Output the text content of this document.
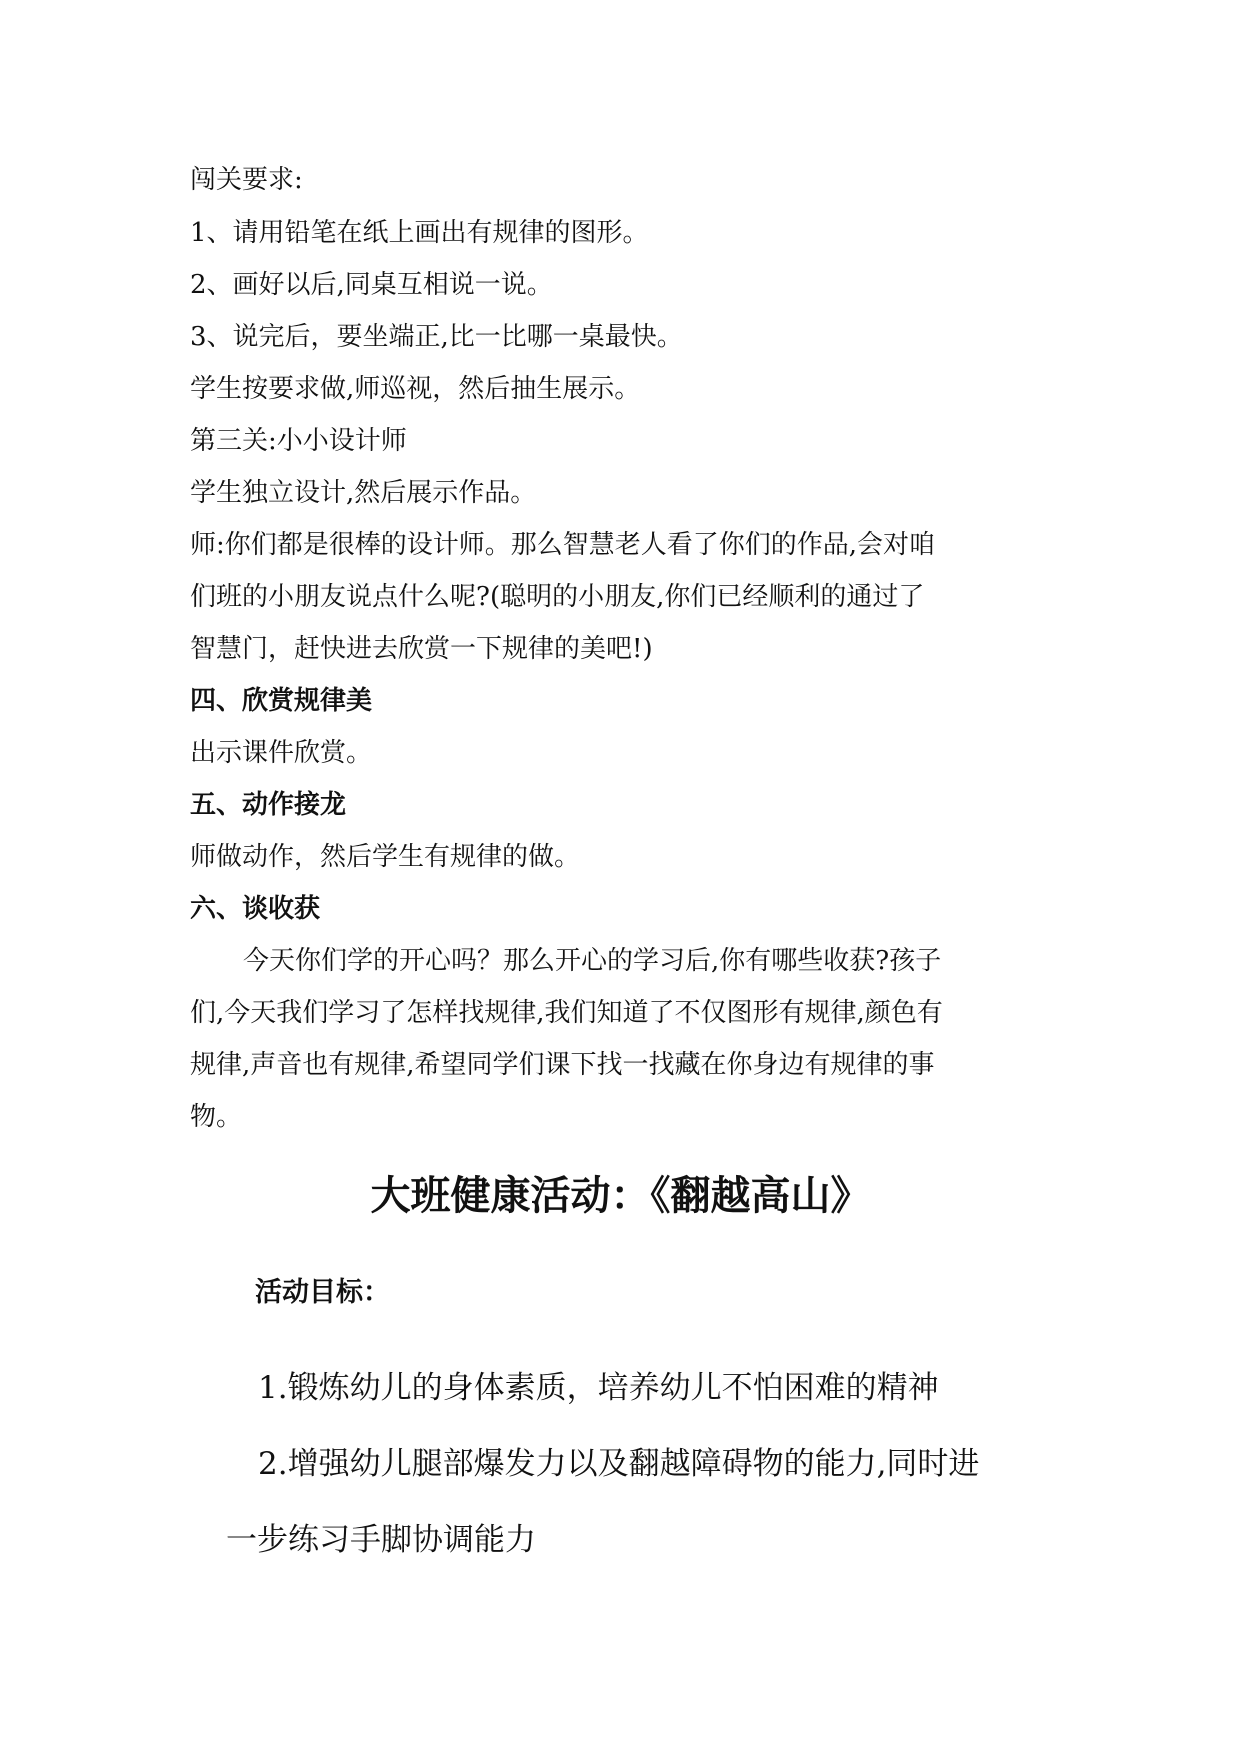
闯关要求:
1、请用铅笔在纸上画出有规律的图形。
2、画好以后,同桌互相说一说。
3、说完后，要坐端正,比一比哪一桌最快。
学生按要求做,师巡视，然后抽生展示。
第三关:小小设计师
学生独立设计,然后展示作品。
师:你们都是很棒的设计师。那么智慧老人看了你们的作品,会对咱
们班的小朋友说点什么呢?(聪明的小朋友,你们已经顺利的通过了
智慧门，赶快进去欣赏一下规律的美吧!)
四、欣赏规律美
出示课件欣赏。
五、动作接龙
师做动作，然后学生有规律的做。
六、谈收获
今天你们学的开心吗？那么开心的学习后,你有哪些收获?孩子
们,今天我们学习了怎样找规律,我们知道了不仅图形有规律,颜色有
规律,声音也有规律,希望同学们课下找一找藏在你身边有规律的事
物。
大班健康活动：《翻越高山》
活动目标：
1.锻炼幼儿的身体素质，培养幼儿不怕困难的精神
2.增强幼儿腿部爆发力以及翻越障碍物的能力,同时进
一步练习手脚协调能力
